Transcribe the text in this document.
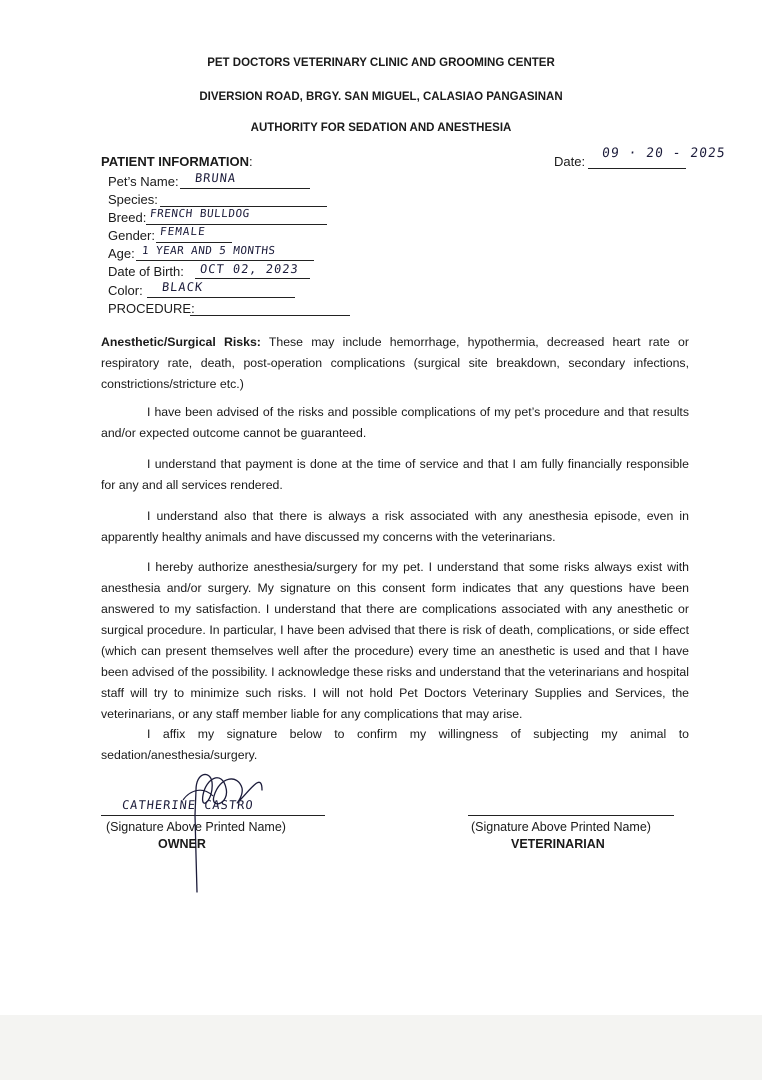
PET DOCTORS VETERINARY CLINIC AND GROOMING CENTER
DIVERSION ROAD, BRGY. SAN MIGUEL, CALASIAO PANGASINAN
AUTHORITY FOR SEDATION AND ANESTHESIA
PATIENT INFORMATION:	Date:
09 · 20 - 2025
Pet’s Name: BRUNA
Species:
Breed: FRENCH BULLDOG
Gender: FEMALE
Age: 1 YEAR AND 5 MONTHS
Date of Birth: OCT 02, 2023
Color: BLACK
PROCEDURE:
Anesthetic/Surgical Risks: These may include hemorrhage, hypothermia, decreased heart rate or respiratory rate, death, post-operation complications (surgical site breakdown, secondary infections, constrictions/stricture etc.)
I have been advised of the risks and possible complications of my pet’s procedure and that results and/or expected outcome cannot be guaranteed.
I understand that payment is done at the time of service and that I am fully financially responsible for any and all services rendered.
I understand also that there is always a risk associated with any anesthesia episode, even in apparently healthy animals and have discussed my concerns with the veterinarians.
I hereby authorize anesthesia/surgery for my pet. I understand that some risks always exist with anesthesia and/or surgery. My signature on this consent form indicates that any questions have been answered to my satisfaction. I understand that there are complications associated with any anesthetic or surgical procedure. In particular, I have been advised that there is risk of death, complications, or side effect (which can present themselves well after the procedure) every time an anesthetic is used and that I have been advised of the possibility. I acknowledge these risks and understand that the veterinarians and hospital staff will try to minimize such risks. I will not hold Pet Doctors Veterinary Supplies and Services, the veterinarians, or any staff member liable for any complications that may arise.
I affix my signature below to confirm my willingness of subjecting my animal to sedation/anesthesia/surgery.
CATHERINE CASTRO
(Signature Above Printed Name)
OWNER
(Signature Above Printed Name)
VETERINARIAN
